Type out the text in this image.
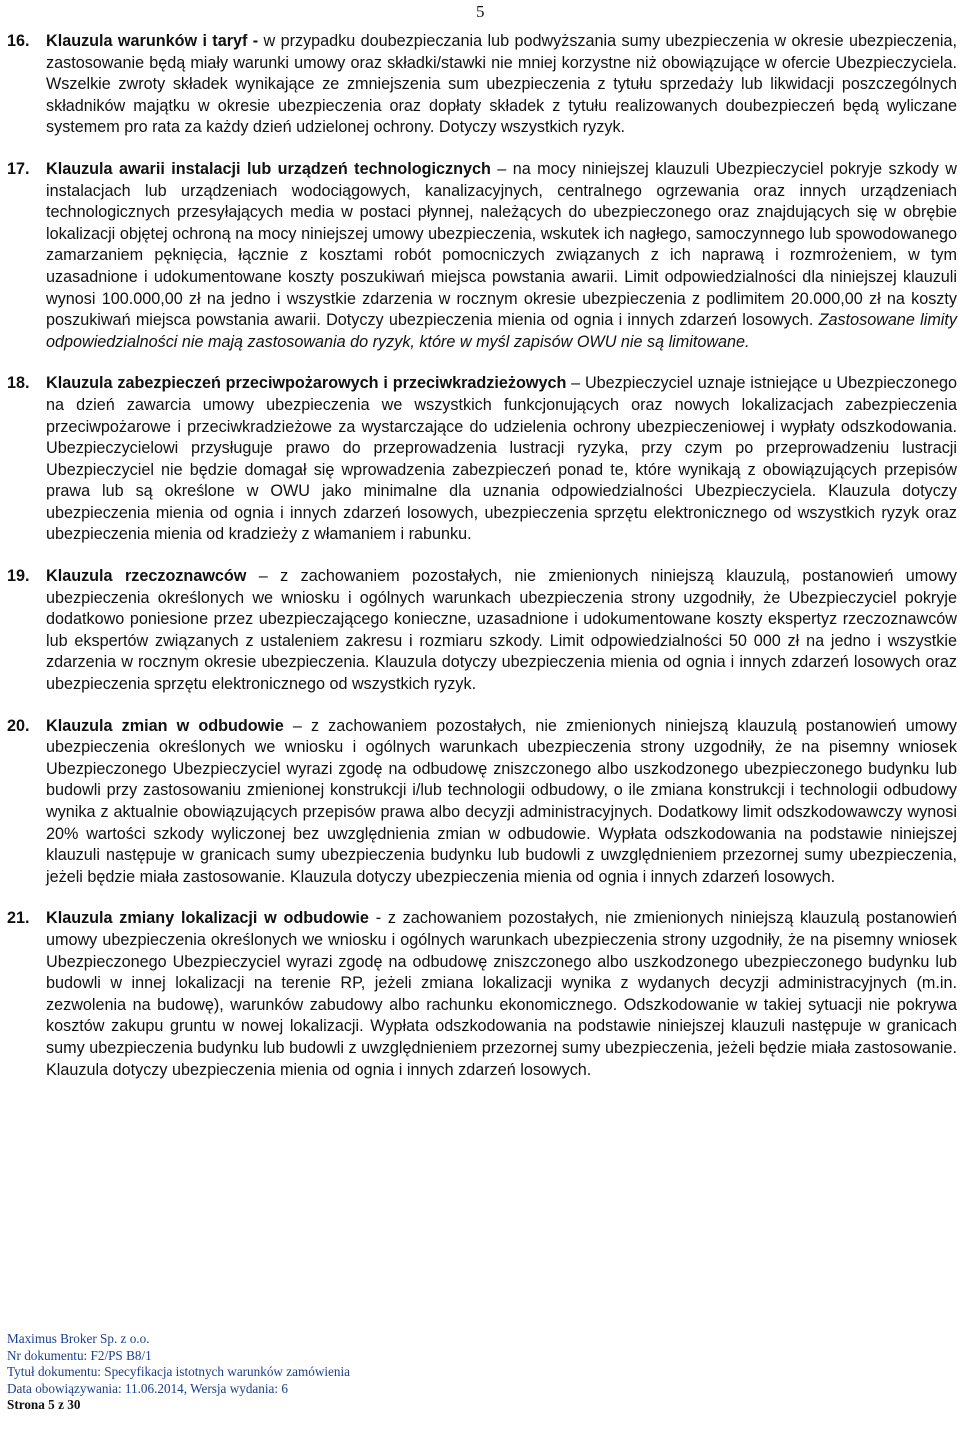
5
16.	Klauzula warunków i taryf - w przypadku doubezpieczania lub podwyższania sumy ubezpieczenia w okresie ubezpieczenia, zastosowanie będą miały warunki umowy oraz składki/stawki nie mniej korzystne niż obowiązujące w ofercie Ubezpieczyciela. Wszelkie zwroty składek wynikające ze zmniejszenia sum ubezpieczenia z tytułu sprzedaży lub likwidacji poszczególnych składników majątku w okresie ubezpieczenia oraz dopłaty składek z tytułu realizowanych doubezpieczeń będą wyliczane systemem pro rata za każdy dzień udzielonej ochrony. Dotyczy wszystkich ryzyk.
17.	Klauzula awarii instalacji lub urządzeń technologicznych – na mocy niniejszej klauzuli Ubezpieczyciel pokryje szkody w instalacjach lub urządzeniach wodociągowych, kanalizacyjnych, centralnego ogrzewania oraz innych urządzeniach technologicznych przesyłających media w postaci płynnej, należących do ubezpieczonego oraz znajdujących się w obrębie lokalizacji objętej ochroną na mocy niniejszej umowy ubezpieczenia, wskutek ich nagłego, samoczynnego lub spowodowanego zamarzaniem pęknięcia, łącznie z kosztami robót pomocniczych związanych z ich naprawą i rozmrożeniem, w tym uzasadnione i udokumentowane koszty poszukiwań miejsca powstania awarii. Limit odpowiedzialności dla niniejszej klauzuli wynosi 100.000,00 zł na jedno i wszystkie zdarzenia w rocznym okresie ubezpieczenia z podlimitem 20.000,00 zł na koszty poszukiwań miejsca powstania awarii. Dotyczy ubezpieczenia mienia od ognia i innych zdarzeń losowych. Zastosowane limity odpowiedzialności nie mają zastosowania do ryzyk, które w myśl zapisów OWU nie są limitowane.
18.	Klauzula zabezpieczeń przeciwpożarowych i przeciwkradzieżowych – Ubezpieczyciel uznaje istniejące u Ubezpieczonego na dzień zawarcia umowy ubezpieczenia we wszystkich funkcjonujących oraz nowych lokalizacjach zabezpieczenia przeciwpożarowe i przeciwkradzieżowe za wystarczające do udzielenia ochrony ubezpieczeniowej i wypłaty odszkodowania. Ubezpieczycielowi przysługuje prawo do przeprowadzenia lustracji ryzyka, przy czym po przeprowadzeniu lustracji Ubezpieczyciel nie będzie domagał się wprowadzenia zabezpieczeń ponad te, które wynikają z obowiązujących przepisów prawa lub są określone w OWU jako minimalne dla uznania odpowiedzialności Ubezpieczyciela. Klauzula dotyczy ubezpieczenia mienia od ognia i innych zdarzeń losowych, ubezpieczenia sprzętu elektronicznego od wszystkich ryzyk oraz ubezpieczenia mienia od kradzieży z włamaniem i rabunku.
19.	Klauzula rzeczoznawców – z zachowaniem pozostałych, nie zmienionych niniejszą klauzulą, postanowień umowy ubezpieczenia określonych we wniosku i ogólnych warunkach ubezpieczenia strony uzgodniły, że Ubezpieczyciel pokryje dodatkowo poniesione przez ubezpieczającego konieczne, uzasadnione i udokumentowane koszty ekspertyz rzeczoznawców lub ekspertów związanych z ustaleniem zakresu i rozmiaru szkody. Limit odpowiedzialności 50 000 zł na jedno i wszystkie zdarzenia w rocznym okresie ubezpieczenia. Klauzula dotyczy ubezpieczenia mienia od ognia i innych zdarzeń losowych oraz ubezpieczenia sprzętu elektronicznego od wszystkich ryzyk.
20.	Klauzula zmian w odbudowie – z zachowaniem pozostałych, nie zmienionych niniejszą klauzulą postanowień umowy ubezpieczenia określonych we wniosku i ogólnych warunkach ubezpieczenia strony uzgodniły, że na pisemny wniosek Ubezpieczonego Ubezpieczyciel wyrazi zgodę na odbudowę zniszczonego albo uszkodzonego ubezpieczonego budynku lub budowli przy zastosowaniu zmienionej konstrukcji i/lub technologii odbudowy, o ile zmiana konstrukcji i technologii odbudowy wynika z aktualnie obowiązujących przepisów prawa albo decyzji administracyjnych. Dodatkowy limit odszkodowawczy wynosi 20% wartości szkody wyliczonej bez uwzględnienia zmian w odbudowie. Wypłata odszkodowania na podstawie niniejszej klauzuli następuje w granicach sumy ubezpieczenia budynku lub budowli z uwzględnieniem przezornej sumy ubezpieczenia, jeżeli będzie miała zastosowanie. Klauzula dotyczy ubezpieczenia mienia od ognia i innych zdarzeń losowych.
21.	Klauzula zmiany lokalizacji w odbudowie - z zachowaniem pozostałych, nie zmienionych niniejszą klauzulą postanowień umowy ubezpieczenia określonych we wniosku i ogólnych warunkach ubezpieczenia strony uzgodniły, że na pisemny wniosek Ubezpieczonego Ubezpieczyciel wyrazi zgodę na odbudowę zniszczonego albo uszkodzonego ubezpieczonego budynku lub budowli w innej lokalizacji na terenie RP, jeżeli zmiana lokalizacji wynika z wydanych decyzji administracyjnych (m.in. zezwolenia na budowę), warunków zabudowy albo rachunku ekonomicznego. Odszkodowanie w takiej sytuacji nie pokrywa kosztów zakupu gruntu w nowej lokalizacji. Wypłata odszkodowania na podstawie niniejszej klauzuli następuje w granicach sumy ubezpieczenia budynku lub budowli z uwzględnieniem przezornej sumy ubezpieczenia, jeżeli będzie miała zastosowanie. Klauzula dotyczy ubezpieczenia mienia od ognia i innych zdarzeń losowych.
Maximus Broker Sp. z o.o.
Nr dokumentu: F2/PS B8/1
Tytuł dokumentu: Specyfikacja istotnych warunków zamówienia
Data obowiązywania: 11.06.2014, Wersja wydania: 6
Strona 5 z 30
